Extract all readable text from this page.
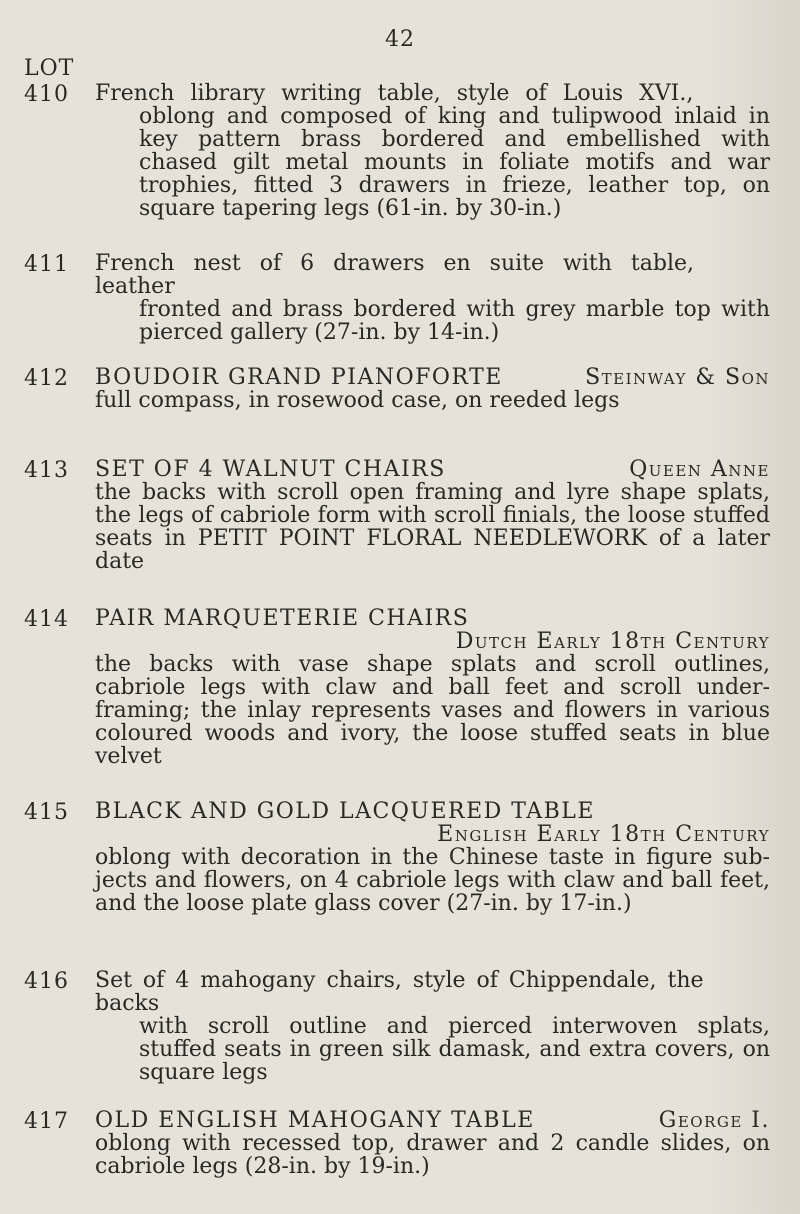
42
LOT
410 French library writing table, style of Louis XVI.,
oblong and composed of king and tulipwood inlaid in key pattern brass bordered and embellished with chased gilt metal mounts in foliate motifs and war trophies, fitted 3 drawers in frieze, leather top, on square tapering legs (61-in. by 30-in.)
411 French nest of 6 drawers en suite with table, leather
fronted and brass bordered with grey marble top with pierced gallery (27-in. by 14-in.)
412 BOUDOIR GRAND PIANOFORTE	Steinway & Son
full compass, in rosewood case, on reeded legs
413 SET OF 4 WALNUT CHAIRS	Queen Anne
the backs with scroll open framing and lyre shape splats, the legs of cabriole form with scroll finials, the loose stuffed seats in PETIT POINT FLORAL NEEDLEWORK of a later date
414 PAIR MARQUETERIE CHAIRS
Dutch Early 18th Century
the backs with vase shape splats and scroll outlines, cabriole legs with claw and ball feet and scroll under-framing; the inlay represents vases and flowers in various coloured woods and ivory, the loose stuffed seats in blue velvet
415 BLACK AND GOLD LACQUERED TABLE
English Early 18th Century
oblong with decoration in the Chinese taste in figure sub-jects and flowers, on 4 cabriole legs with claw and ball feet, and the loose plate glass cover (27-in. by 17-in.)
416 Set of 4 mahogany chairs, style of Chippendale, the backs
with scroll outline and pierced interwoven splats, stuffed seats in green silk damask, and extra covers, on square legs
417 OLD ENGLISH MAHOGANY TABLE	George I.
oblong with recessed top, drawer and 2 candle slides, on cabriole legs (28-in. by 19-in.)
